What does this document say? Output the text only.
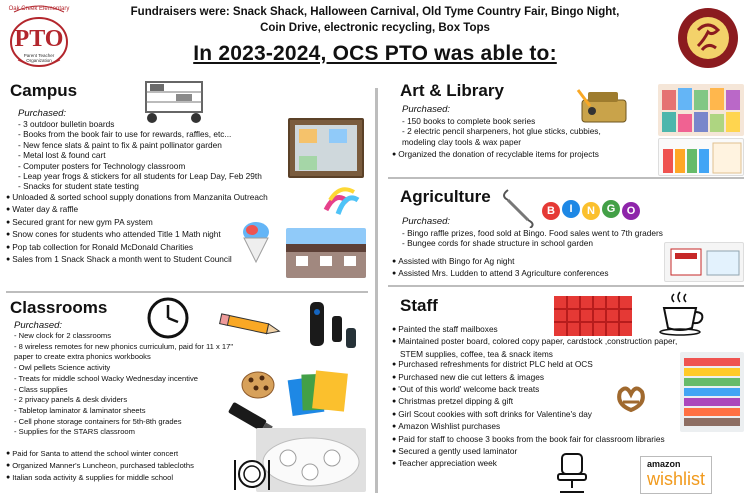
Fundraisers were: Snack Shack, Halloween Carnival, Old Tyme Country Fair, Bingo Night,
Coin Drive, electronic recycling, Box Tops
In 2023-2024, OCS PTO was able to:
Oak Creek Elementary
PTO
Parent Teacher Organization
Campus
Purchased:
- 3 outdoor bulletin boards
- Books from the book fair to use for rewards, raffles, etc...
- New fence slats & paint to fix & paint pollinator garden
- Metal lost & found cart
- Computer posters for Technology classroom
- Leap year frogs & stickers for all students for Leap Day, Feb 29th
- Snacks for student state testing
● Unloaded & sorted school supply donations from Manzanita Outreach
● Water day & raffle
● Secured grant for new gym PA system
● Snow cones for students who attended Title 1 Math night
● Pop tab collection for Ronald McDonald Charities
● Sales from 1 Snack Shack a month went to Student Council

Classrooms
Purchased:
- New clock for 2 classrooms
- 8 wireless remotes for new phonics curriculum, paid for 11 x 17"
paper to create extra phonics workbooks
- Owl pellets Science activity
- Treats for middle school Wacky Wednesday incentive
- Class supplies
- 2 privacy panels & desk dividers
- Tabletop laminator & laminator sheets
- Cell phone storage containers for 5th-8th grades
- Supplies for the STARS classroom
● Paid for Santa to attend the school winter concert
● Organized Manner's Luncheon, purchased tablecloths
● Italian soda activity & supplies for middle school
Art & Library
Purchased:
- 150 books to complete book series
- 2 electric pencil sharpeners, hot glue sticks, cubbies,
modeling clay tools & wax paper
● Organized the donation of recyclable items for projects
Agriculture
Purchased:
- Bingo raffle prizes, food sold at Bingo. Food sales went to 7th graders
- Bungee cords for shade structure in school garden
● Assisted with Bingo for Ag night
● Assisted Mrs. Ludden to attend 3 Agriculture conferences
B	I	N	G	O
Staff
● Painted the staff mailboxes
● Maintained poster board, colored copy paper, cardstock ,construction paper,
STEM supplies, coffee, tea & snack items
● Purchased refreshments for district PLC held at OCS
● Purchased new die cut letters & images
● 'Out of this world' welcome back treats
● Christmas pretzel dipping & gift
● Girl Scout cookies with soft drinks for Valentine's day
● Amazon Wishlist purchases
● Paid for staff to choose 3 books from the book fair for classroom libraries
● Secured a gently used laminator
● Teacher appreciation week	amazon
wishlist
